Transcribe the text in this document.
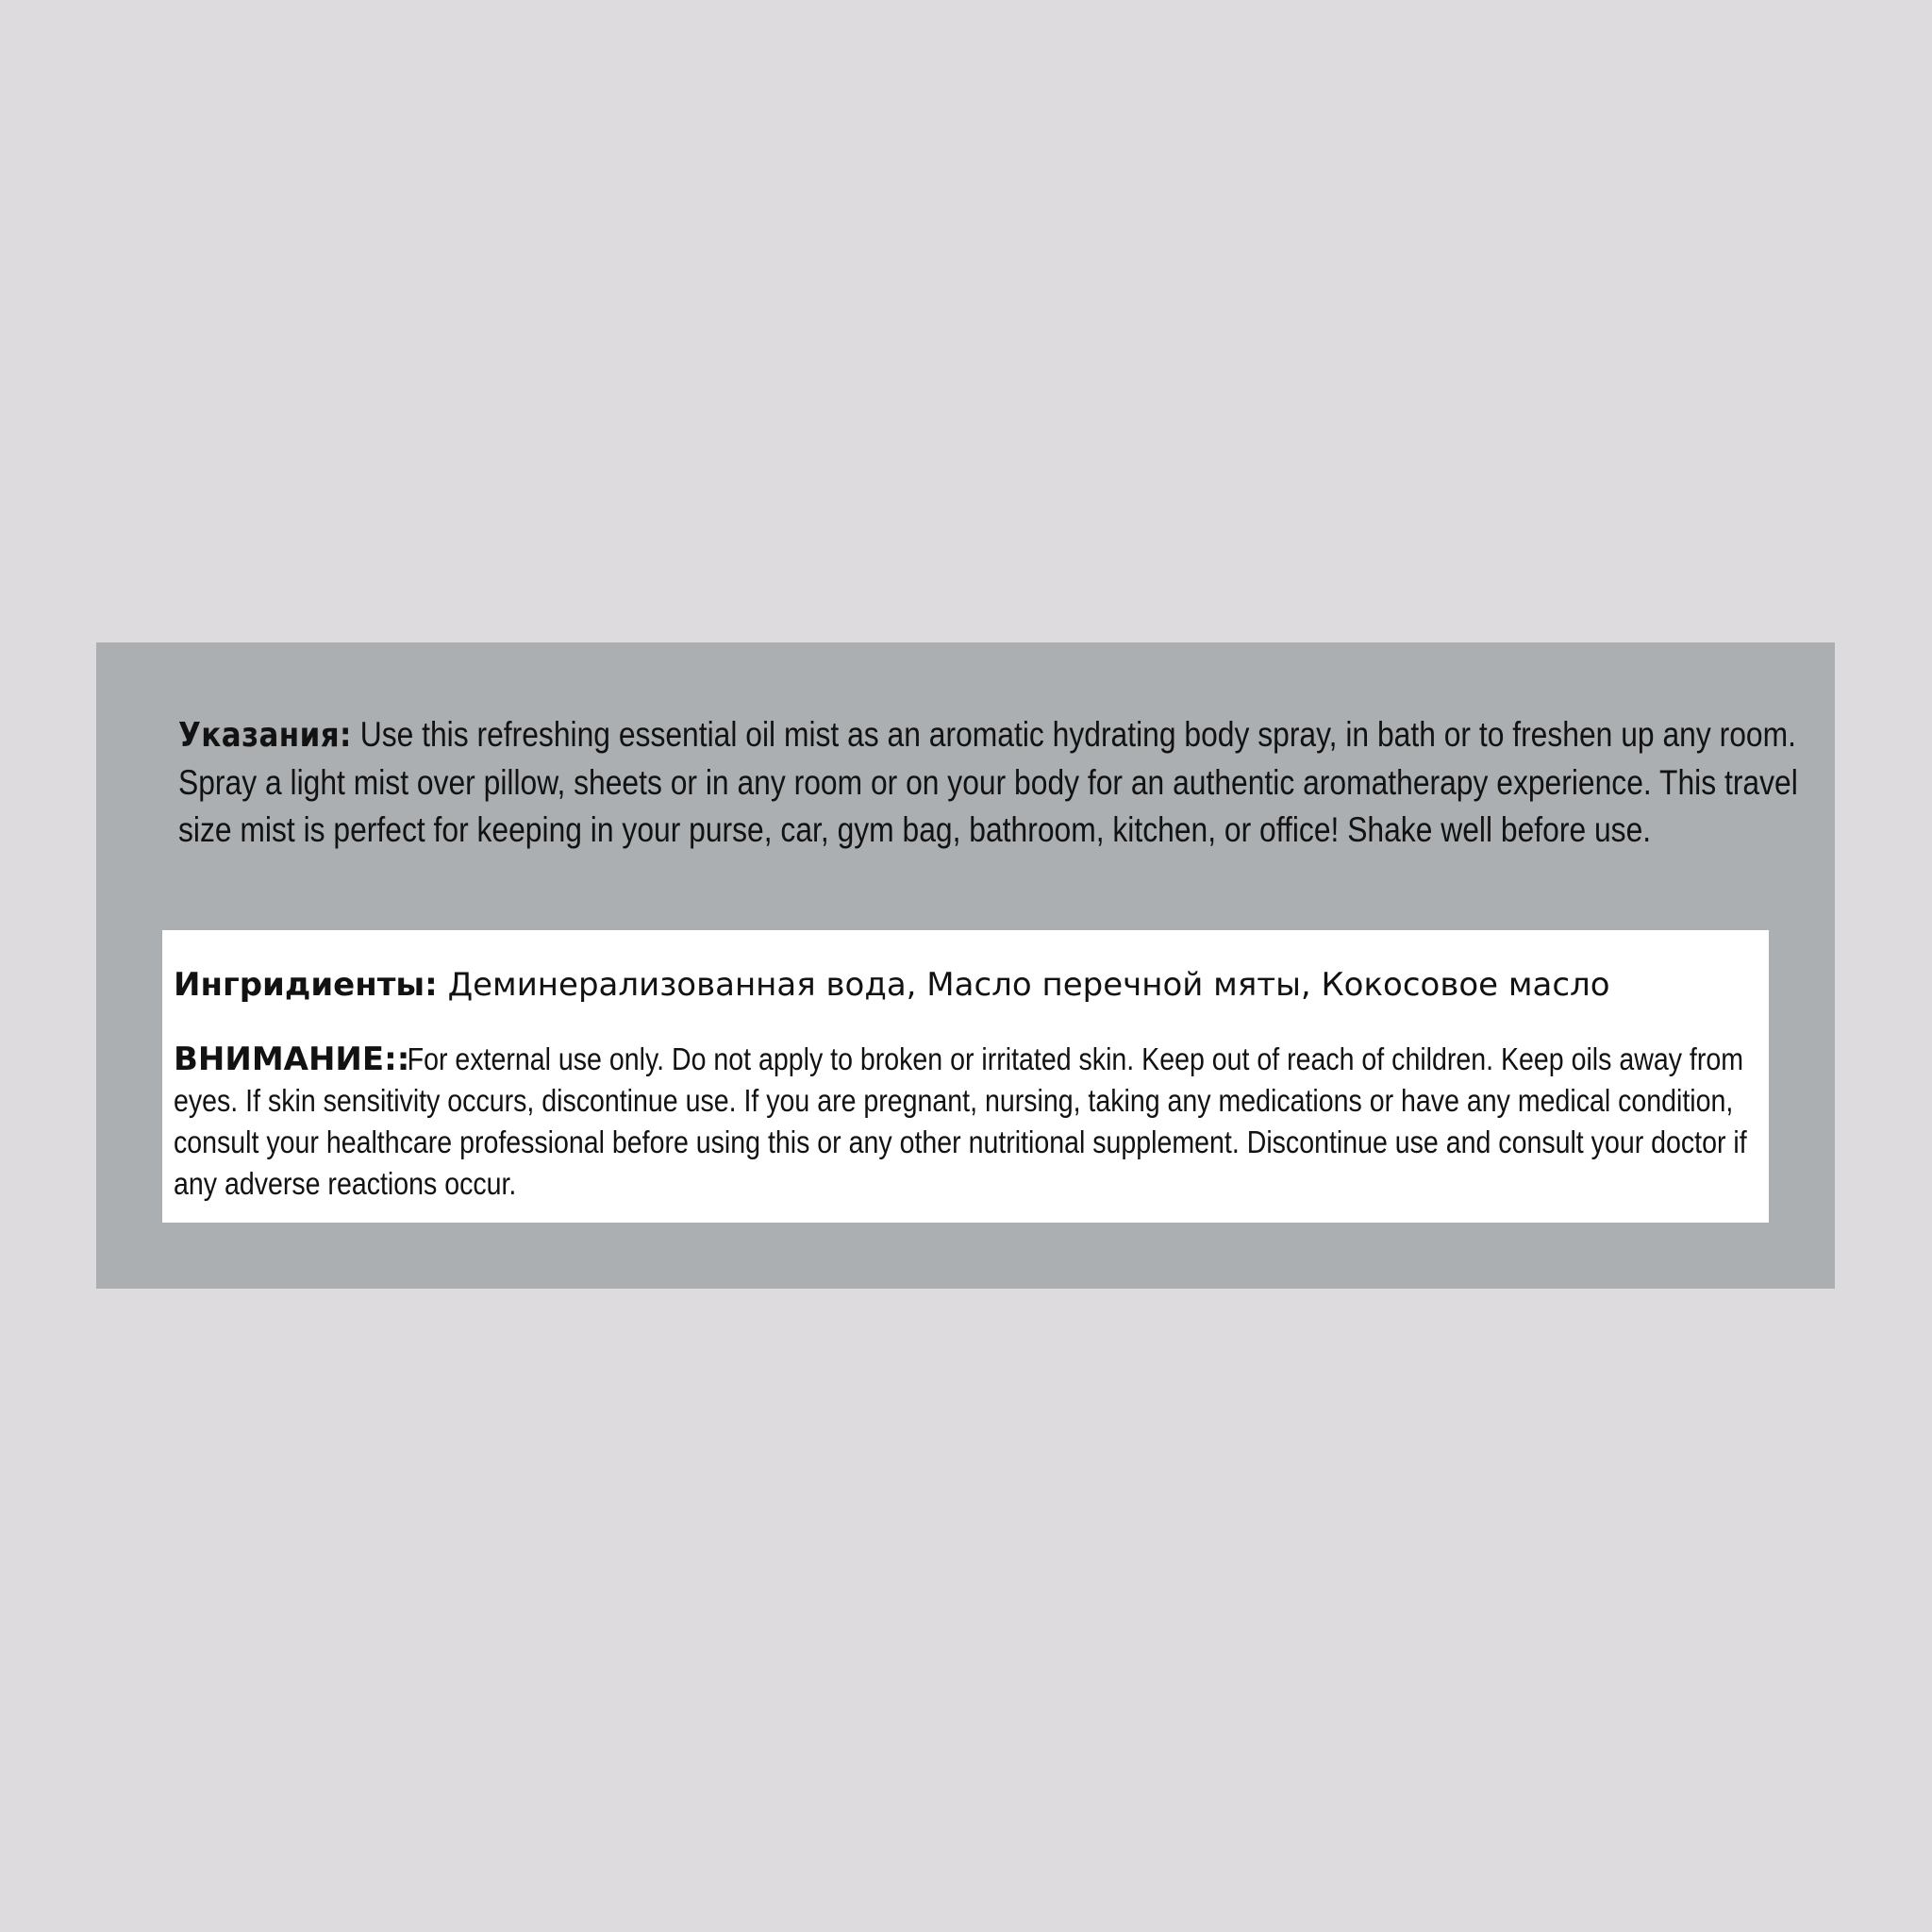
Указания: Use this refreshing essential oil mist as an aromatic hydrating body spray, in bath or to freshen up any room. Spray a light mist over pillow, sheets or in any room or on your body for an authentic aromatherapy experience. This travel size mist is perfect for keeping in your purse, car, gym bag, bathroom, kitchen, or office! Shake well before use.
Ингридиенты: Деминерализованная вода, Масло перечной мяты, Кокосовое масло
ВНИМАНИЕ::For external use only. Do not apply to broken or irritated skin. Keep out of reach of children. Keep oils away from eyes. If skin sensitivity occurs, discontinue use. If you are pregnant, nursing, taking any medications or have any medical condition, consult your healthcare professional before using this or any other nutritional supplement. Discontinue use and consult your doctor if any adverse reactions occur.
